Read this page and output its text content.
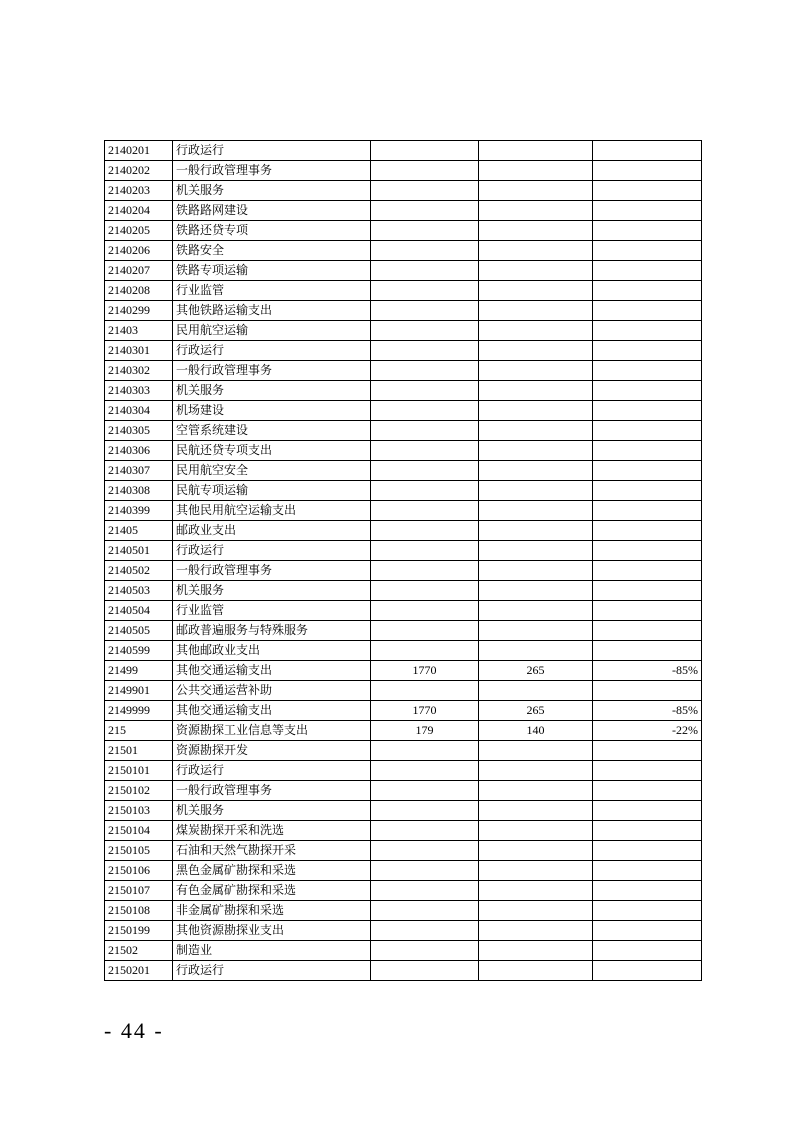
2140201	行政运行			
2140202	一般行政管理事务			
2140203	机关服务			
2140204	铁路路网建设			
2140205	铁路还贷专项			
2140206	铁路安全			
2140207	铁路专项运输			
2140208	行业监管			
2140299	其他铁路运输支出			
21403	民用航空运输			
2140301	行政运行			
2140302	一般行政管理事务			
2140303	机关服务			
2140304	机场建设			
2140305	空管系统建设			
2140306	民航还贷专项支出			
2140307	民用航空安全			
2140308	民航专项运输			
2140399	其他民用航空运输支出			
21405	邮政业支出			
2140501	行政运行			
2140502	一般行政管理事务			
2140503	机关服务			
2140504	行业监管			
2140505	邮政普遍服务与特殊服务			
2140599	其他邮政业支出			
21499	其他交通运输支出	1770	265	-85%
2149901	公共交通运营补助			
2149999	其他交通运输支出	1770	265	-85%
215	资源勘探工业信息等支出	179	140	-22%
21501	资源勘探开发			
2150101	行政运行			
2150102	一般行政管理事务			
2150103	机关服务			
2150104	煤炭勘探开采和洗选			
2150105	石油和天然气勘探开采			
2150106	黑色金属矿勘探和采选			
2150107	有色金属矿勘探和采选			
2150108	非金属矿勘探和采选			
2150199	其他资源勘探业支出			
21502	制造业			
2150201	行政运行			
- 44 -
